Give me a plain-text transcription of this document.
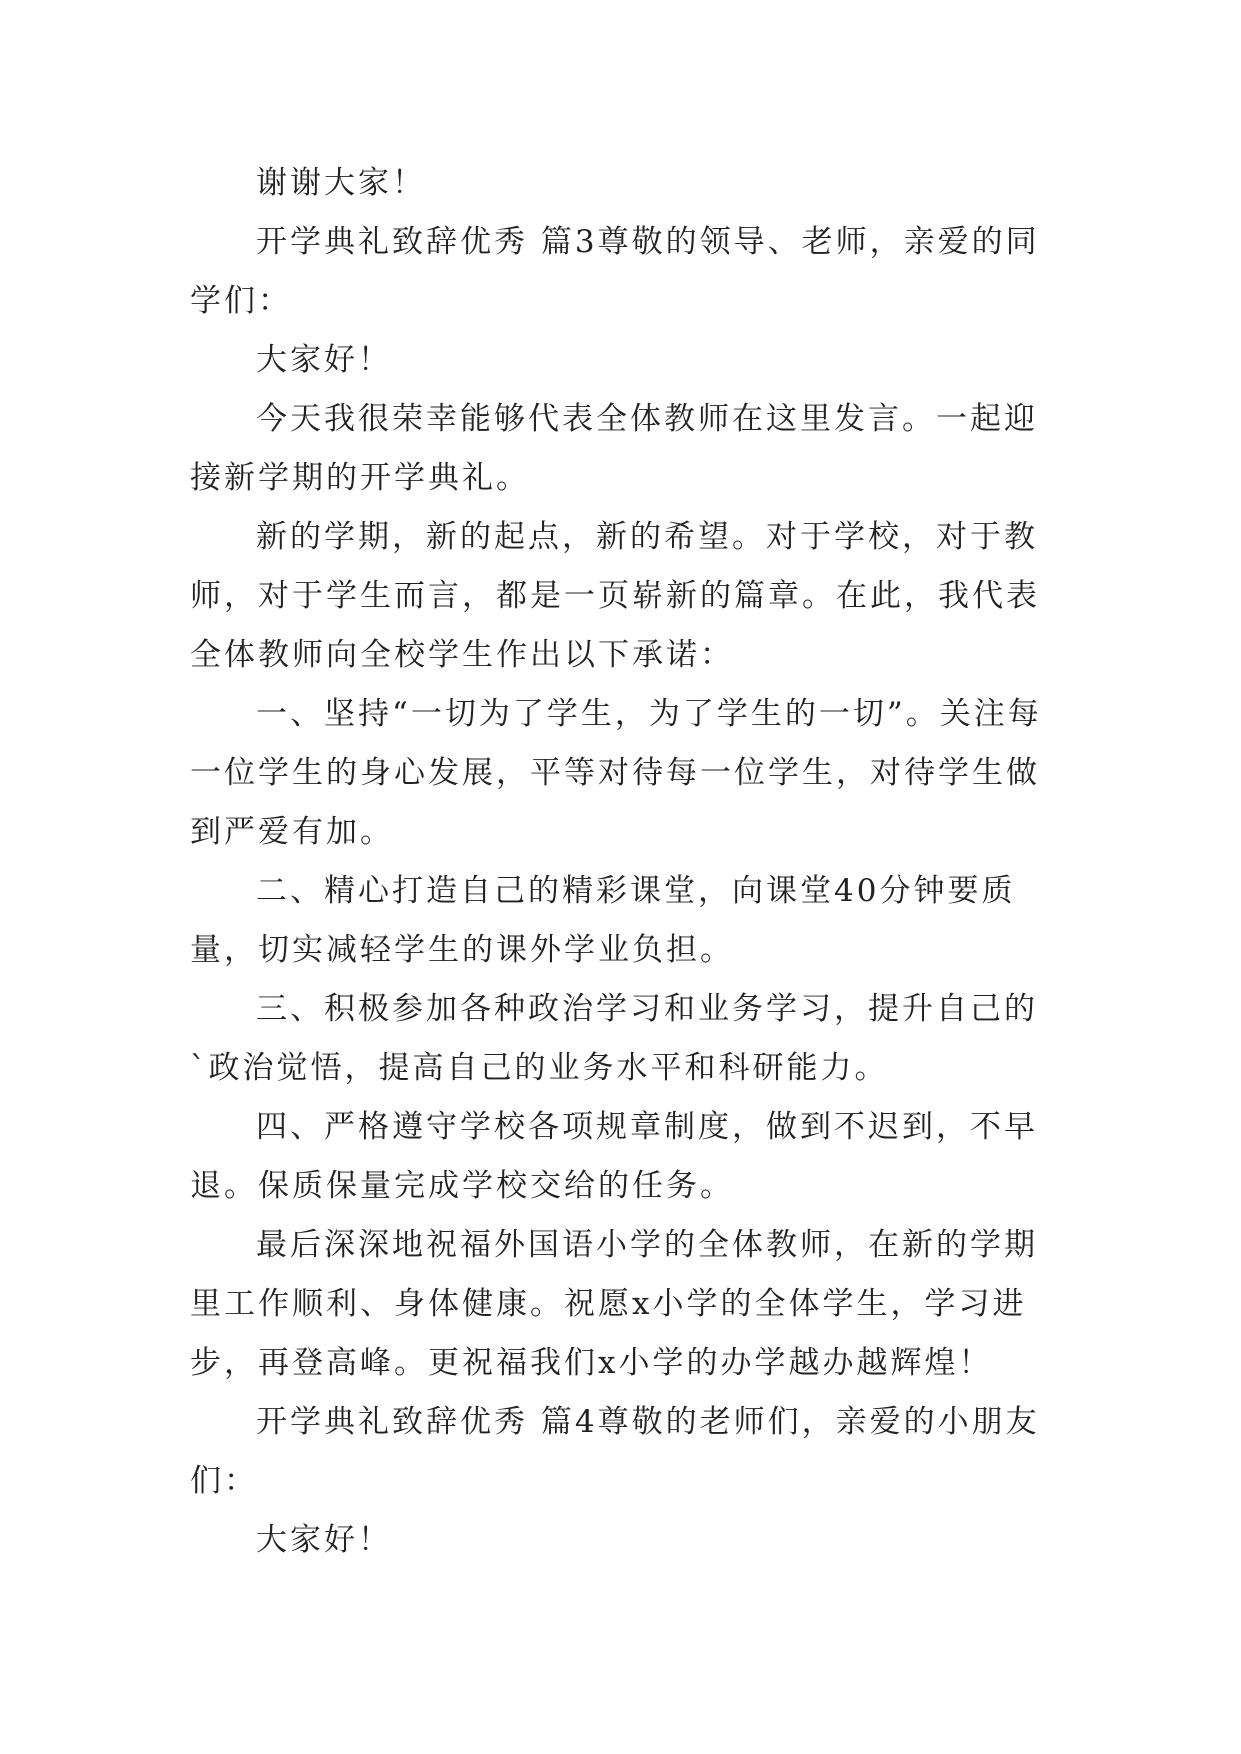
谢谢大家！

开学典礼致辞优秀 篇3尊敬的领导、老师，亲爱的同学们：

大家好！

今天我很荣幸能够代表全体教师在这里发言。一起迎接新学期的开学典礼。

新的学期，新的起点，新的希望。对于学校，对于教师，对于学生而言，都是一页崭新的篇章。在此，我代表全体教师向全校学生作出以下承诺：

一、坚持“一切为了学生，为了学生的一切”。关注每一位学生的身心发展，平等对待每一位学生，对待学生做到严爱有加。

二、精心打造自己的精彩课堂，向课堂40分钟要质量，切实减轻学生的课外学业负担。

三、积极参加各种政治学习和业务学习，提升自己的`政治觉悟，提高自己的业务水平和科研能力。

四、严格遵守学校各项规章制度，做到不迟到，不早退。保质保量完成学校交给的任务。

最后深深地祝福外国语小学的全体教师，在新的学期里工作顺利、身体健康。祝愿x小学的全体学生，学习进步，再登高峰。更祝福我们x小学的办学越办越辉煌！

开学典礼致辞优秀 篇4尊敬的老师们，亲爱的小朋友们：

大家好！
